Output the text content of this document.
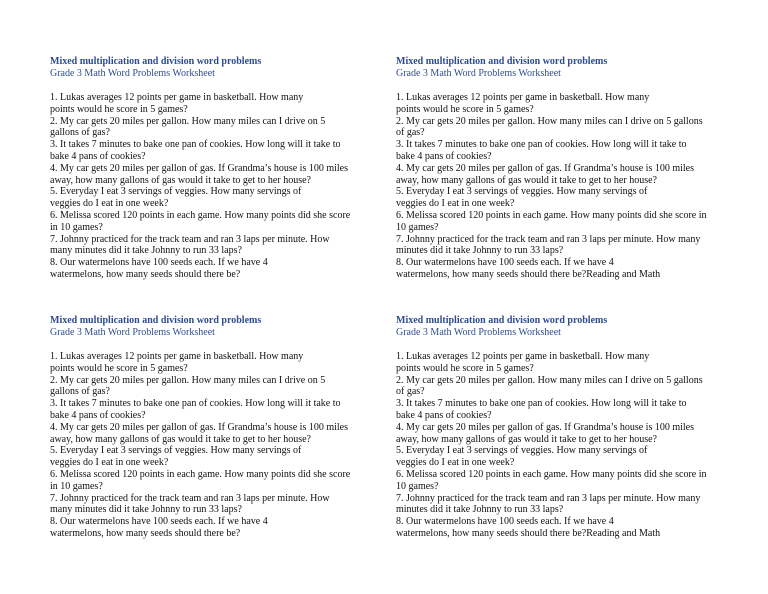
Mixed multiplication and division word problems
Grade 3 Math Word Problems Worksheet

1. Lukas averages 12 points per game in basketball. How many
points would he score in 5 games?

2. My car gets 20 miles per gallon. How many miles can I drive on 5
gallons of gas?

3. It takes 7 minutes to bake one pan of cookies. How long will it take to
bake 4 pans of cookies?

4. My car gets 20 miles per gallon of gas. If Grandma’s house is 100 miles
away, how many gallons of gas would it take to get to her house?

5. Everyday I eat 3 servings of veggies. How many servings of
veggies do I eat in one week?

6. Melissa scored 120 points in each game. How many points did she score
in 10 games?

7. Johnny practiced for the track team and ran 3 laps per minute. How
many minutes did it take Johnny to run 33 laps?

8. Our watermelons have 100 seeds each. If we have 4
watermelons, how many seeds should there be?

Mixed multiplication and division word problems
Grade 3 Math Word Problems Worksheet

1. Lukas averages 12 points per game in basketball. How many
points would he score in 5 games?

2. My car gets 20 miles per gallon. How many miles can I drive on 5 gallons
of gas?

3. It takes 7 minutes to bake one pan of cookies. How long will it take to
bake 4 pans of cookies?

4. My car gets 20 miles per gallon of gas. If Grandma’s house is 100 miles
away, how many gallons of gas would it take to get to her house?

5. Everyday I eat 3 servings of veggies. How many servings of
veggies do I eat in one week?

6. Melissa scored 120 points in each game. How many points did she score in
10 games?

7. Johnny practiced for the track team and ran 3 laps per minute. How many
minutes did it take Johnny to run 33 laps?

8. Our watermelons have 100 seeds each. If we have 4
watermelons, how many seeds should there be?Reading and Math

Mixed multiplication and division word problems
Grade 3 Math Word Problems Worksheet

1. Lukas averages 12 points per game in basketball. How many
points would he score in 5 games?

2. My car gets 20 miles per gallon. How many miles can I drive on 5
gallons of gas?

3. It takes 7 minutes to bake one pan of cookies. How long will it take to
bake 4 pans of cookies?

4. My car gets 20 miles per gallon of gas. If Grandma’s house is 100 miles
away, how many gallons of gas would it take to get to her house?

5. Everyday I eat 3 servings of veggies. How many servings of
veggies do I eat in one week?

6. Melissa scored 120 points in each game. How many points did she score
in 10 games?

7. Johnny practiced for the track team and ran 3 laps per minute. How
many minutes did it take Johnny to run 33 laps?

8. Our watermelons have 100 seeds each. If we have 4
watermelons, how many seeds should there be?

Mixed multiplication and division word problems
Grade 3 Math Word Problems Worksheet

1. Lukas averages 12 points per game in basketball. How many
points would he score in 5 games?

2. My car gets 20 miles per gallon. How many miles can I drive on 5 gallons
of gas?

3. It takes 7 minutes to bake one pan of cookies. How long will it take to
bake 4 pans of cookies?

4. My car gets 20 miles per gallon of gas. If Grandma’s house is 100 miles
away, how many gallons of gas would it take to get to her house?

5. Everyday I eat 3 servings of veggies. How many servings of
veggies do I eat in one week?

6. Melissa scored 120 points in each game. How many points did she score in
10 games?

7. Johnny practiced for the track team and ran 3 laps per minute. How many
minutes did it take Johnny to run 33 laps?

8. Our watermelons have 100 seeds each. If we have 4
watermelons, how many seeds should there be?Reading and Math
